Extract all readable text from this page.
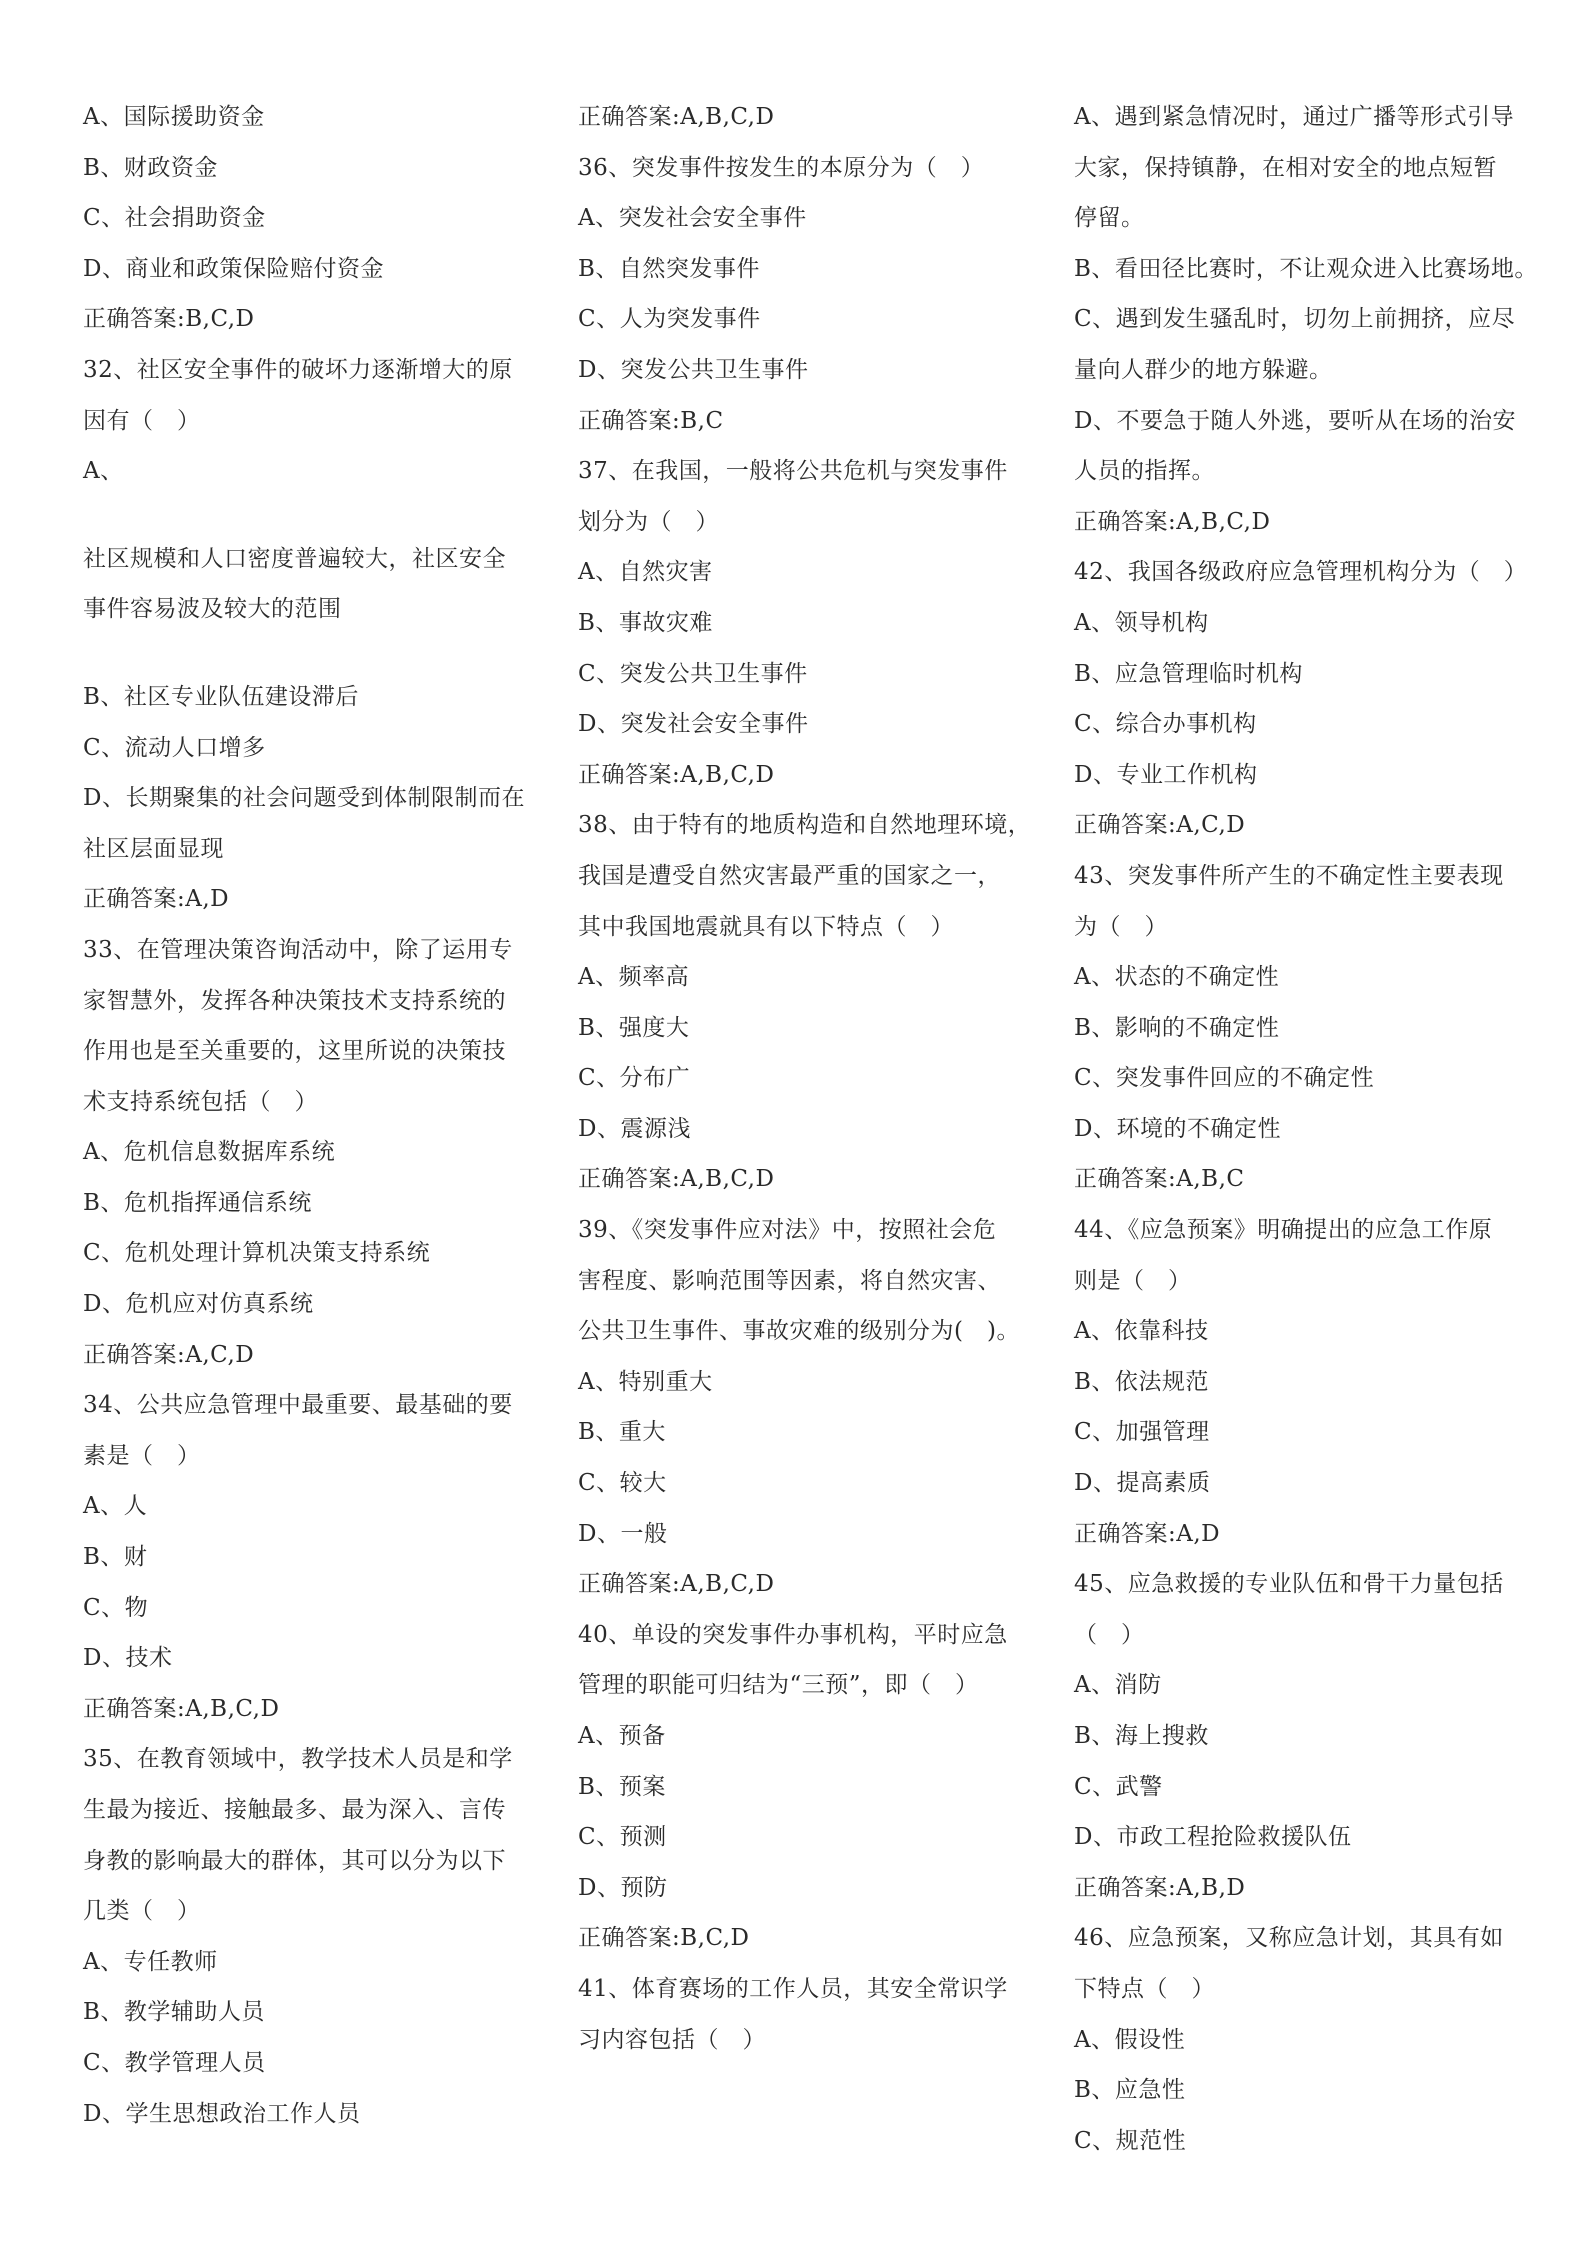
A、国际援助资金
B、财政资金
C、社会捐助资金
D、商业和政策保险赔付资金
正确答案:B,C,D
32、社区安全事件的破坏力逐渐增大的原
因有（　）
A、
社区规模和人口密度普遍较大，社区安全
事件容易波及较大的范围
B、社区专业队伍建设滞后
C、流动人口增多
D、长期聚集的社会问题受到体制限制而在
社区层面显现
正确答案:A,D
33、在管理决策咨询活动中，除了运用专
家智慧外，发挥各种决策技术支持系统的
作用也是至关重要的，这里所说的决策技
术支持系统包括（　）
A、危机信息数据库系统
B、危机指挥通信系统
C、危机处理计算机决策支持系统
D、危机应对仿真系统
正确答案:A,C,D
34、公共应急管理中最重要、最基础的要
素是（　）
A、人
B、财
C、物
D、技术
正确答案:A,B,C,D
35、在教育领域中，教学技术人员是和学
生最为接近、接触最多、最为深入、言传
身教的影响最大的群体，其可以分为以下
几类（　）
A、专任教师
B、教学辅助人员
C、教学管理人员
D、学生思想政治工作人员
正确答案:A,B,C,D
36、突发事件按发生的本原分为（　）
A、突发社会安全事件
B、自然突发事件
C、人为突发事件
D、突发公共卫生事件
正确答案:B,C
37、在我国，一般将公共危机与突发事件
划分为（　）
A、自然灾害
B、事故灾难
C、突发公共卫生事件
D、突发社会安全事件
正确答案:A,B,C,D
38、由于特有的地质构造和自然地理环境，
我国是遭受自然灾害最严重的国家之一，
其中我国地震就具有以下特点（　）
A、频率高
B、强度大
C、分布广
D、震源浅
正确答案:A,B,C,D
39、《突发事件应对法》中，按照社会危
害程度、影响范围等因素，将自然灾害、
公共卫生事件、事故灾难的级别分为(　)。
A、特别重大
B、重大
C、较大
D、一般
正确答案:A,B,C,D
40、单设的突发事件办事机构，平时应急
管理的职能可归结为“三预”，即（　）
A、预备
B、预案
C、预测
D、预防
正确答案:B,C,D
41、体育赛场的工作人员，其安全常识学
习内容包括（　）
A、遇到紧急情况时，通过广播等形式引导
大家，保持镇静，在相对安全的地点短暂
停留。
B、看田径比赛时，不让观众进入比赛场地。
C、遇到发生骚乱时，切勿上前拥挤，应尽
量向人群少的地方躲避。
D、不要急于随人外逃，要听从在场的治安
人员的指挥。
正确答案:A,B,C,D
42、我国各级政府应急管理机构分为（　）
A、领导机构
B、应急管理临时机构
C、综合办事机构
D、专业工作机构
正确答案:A,C,D
43、突发事件所产生的不确定性主要表现
为（　）
A、状态的不确定性
B、影响的不确定性
C、突发事件回应的不确定性
D、环境的不确定性
正确答案:A,B,C
44、《应急预案》明确提出的应急工作原
则是（　）
A、依靠科技
B、依法规范
C、加强管理
D、提高素质
正确答案:A,D
45、应急救援的专业队伍和骨干力量包括
（　）
A、消防
B、海上搜救
C、武警
D、市政工程抢险救援队伍
正确答案:A,B,D
46、应急预案，又称应急计划，其具有如
下特点（　）
A、假设性
B、应急性
C、规范性
